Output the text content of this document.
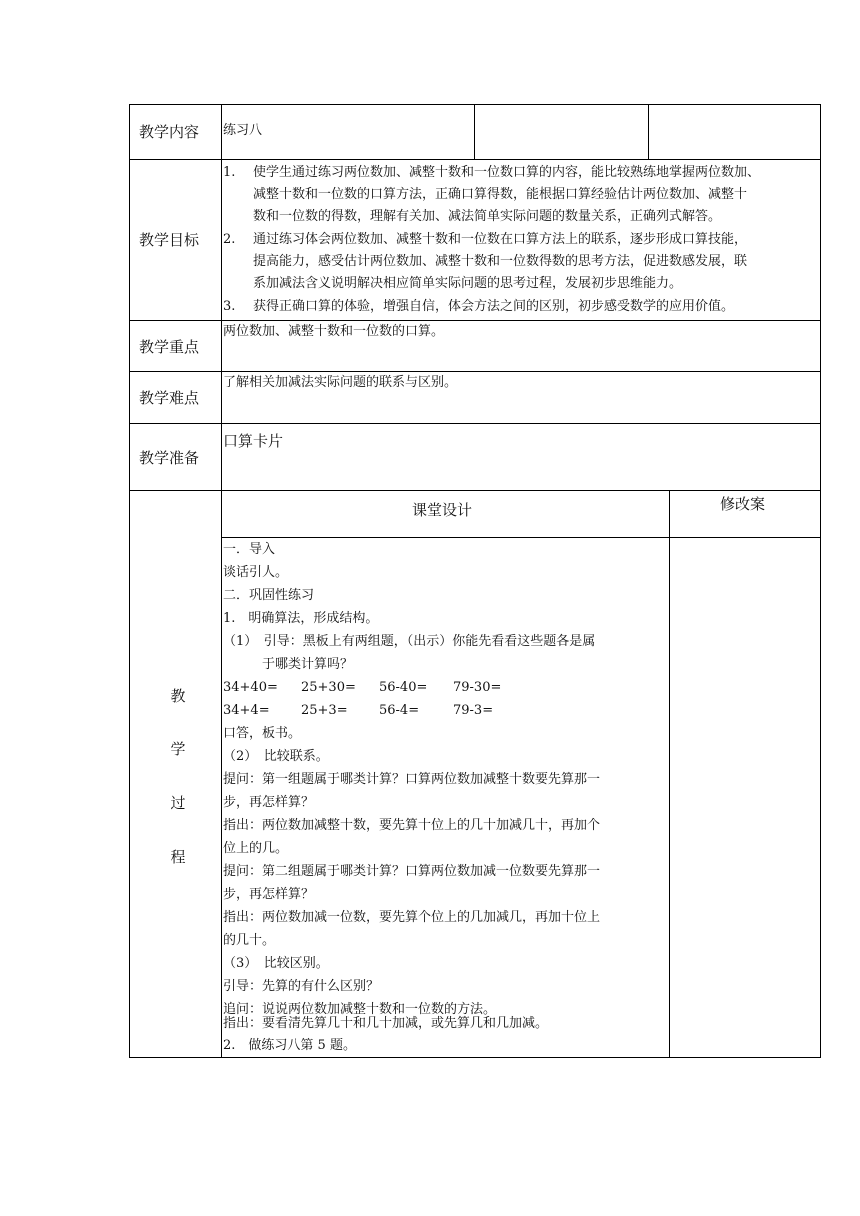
教学内容 练习八
教学目标
1. 使学生通过练习两位数加、减整十数和一位数口算的内容，能比较熟练地掌握两位数加、
减整十数和一位数的口算方法，正确口算得数，能根据口算经验估计两位数加、减整十
数和一位数的得数，理解有关加、减法简单实际问题的数量关系，正确列式解答。
2. 通过练习体会两位数加、减整十数和一位数在口算方法上的联系，逐步形成口算技能，
提高能力，感受估计两位数加、减整十数和一位数得数的思考方法，促进数感发展，联
系加减法含义说明解决相应简单实际问题的思考过程，发展初步思维能力。
3. 获得正确口算的体验，增强自信，体会方法之间的区别，初步感受数学的应用价值。
教学重点
两位数加、减整十数和一位数的口算。
教学难点
了解相关加减法实际问题的联系与区别。
教学准备
口算卡片
教
学
过
程
课堂设计	修改案
一．导入
谈话引人。
二．巩固性练习
1.　明确算法，形成结构。
（1）　引导：黑板上有两组题，（出示）你能先看看这些题各是属
　　　于哪类计算吗？
34+40= 25+30= 56-40= 79-30=
34+4= 25+3= 56-4=	79-3=
口答，板书。
（2）　比较联系。
提问：第一组题属于哪类计算？口算两位数加减整十数要先算那一
步，再怎样算？
指出：两位数加减整十数，要先算十位上的几十加减几十，再加个
位上的几。
提问：第二组题属于哪类计算？口算两位数加减一位数要先算那一
步，再怎样算？
指出：两位数加减一位数，要先算个位上的几加减几，再加十位上
的几十。
（3）　比较区别。
引导：先算的有什么区别？
追问：说说两位数加减整十数和一位数的方法。
指出：要看清先算几十和几十加减，或先算几和几加减。
2.　做练习八第 5 题。
